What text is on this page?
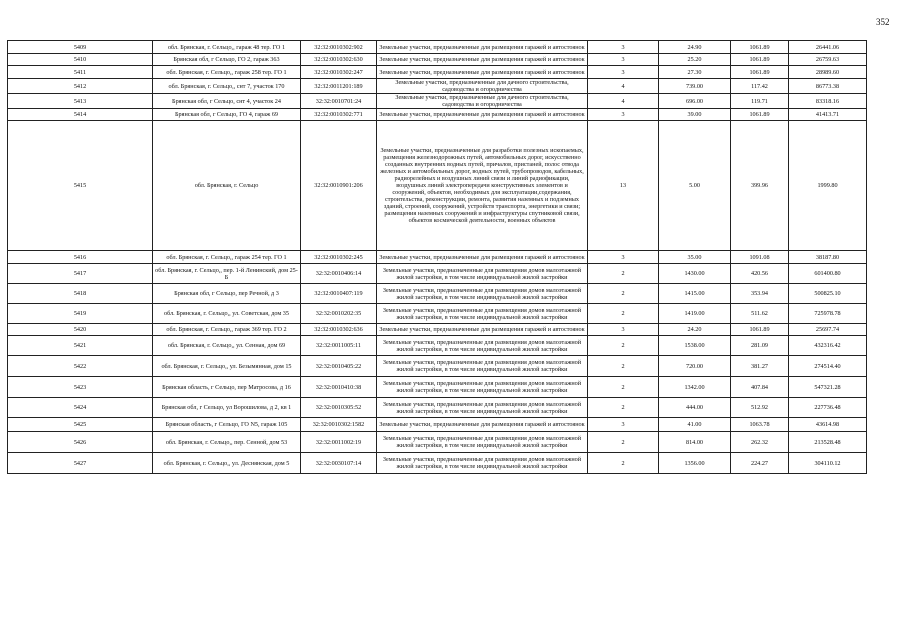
352
5409	обл. Брянская, г. Сельцо,, гараж 48 тер. ГО 1	32:32:0010302:902	Земельные участки, предназначенные для размещения гаражей и автостоянок	3	24.90	1061.89	26441.06
5410	Брянская обл, г Сельцо, ГО 2, гараж 363	32:32:0010302:630	Земельные участки, предназначенные для размещения гаражей и автостоянок	3	25.20	1061.89	26759.63
5411	обл. Брянская, г. Сельцо,, гараж 258 тер. ГО 1	32:32:0010302:247	Земельные участки, предназначенные для размещения гаражей и автостоянок	3	27.30	1061.89	28989.60
5412	обл. Брянская, г. Сельцо,, снт 7, участок 170	32:32:0011201:189	Земельные участки, предназначенные для дачного строительства, садоводства и огородничества	4	739.00	117.42	86773.38
5413	Брянская обл, г Сельцо, снт 4, участок 24	32:32:0010701:24	Земельные участки, предназначенные для дачного строительства, садоводства и огородничества	4	696.00	119.71	83318.16
5414	Брянская обл, г Сельцо, ГО 4, гараж 69	32:32:0010302:771	Земельные участки, предназначенные для размещения гаражей и автостоянок	3	39.00	1061.89	41413.71
5415	обл. Брянская, г. Сельцо	32:32:0010901:206	Земельные участки, предназначенные для разработки полезных ископаемых, размещения железнодорожных путей, автомобильных дорог, искусственно созданных внутренних водных путей, причалов, пристаней, полос отвода железных и автомобильных дорог, водных путей, трубопроводов, кабельных, радиорелейных и воздушных линий связи и линий радиофикации, воздушных линий электропередачи конструктивных элементов и сооружений, объектов, необходимых для эксплуатации,содержания, строительства, реконструкции, ремонта, развития наземных и подземных зданий, строений, сооружений, устройств транспорта, энергетики и связи; размещения наземных сооружений и инфраструктуры спутниковой связи, объектов космической деятельности, военных объектов	13	5.00	399.96	1999.80
5416	обл. Брянская, г. Сельцо,, гараж 254 тер. ГО 1	32:32:0010302:245	Земельные участки, предназначенные для размещения гаражей и автостоянок	3	35.00	1091.08	38187.80
5417	обл. Брянская, г. Сельцо,, пер. 1-й Ленинский, дом 25-Б	32:32:0010406:14	Земельные участки, предназначенные для размещения домов малоэтажной жилой застройки, в том числе индивидуальной жилой застройки	2	1430.00	420.56	601400.80
5418	Брянская обл, г Сельцо, пер Речной, д 3	32:32:0010407:119	Земельные участки, предназначенные для размещения домов малоэтажной жилой застройки, в том числе индивидуальной жилой застройки	2	1415.00	353.94	500825.10
5419	обл. Брянская, г. Сельцо,, ул. Советская, дом 35	32:32:0010202:35	Земельные участки, предназначенные для размещения домов малоэтажной жилой застройки, в том числе индивидуальной жилой застройки	2	1419.00	511.62	725978.78
5420	обл. Брянская, г. Сельцо,, гараж 369 тер. ГО 2	32:32:0010302:636	Земельные участки, предназначенные для размещения гаражей и автостоянок	3	24.20	1061.89	25697.74
5421	обл. Брянская, г. Сельцо,, ул. Сенная, дом 69	32:32:0011005:11	Земельные участки, предназначенные для размещения домов малоэтажной жилой застройки, в том числе индивидуальной жилой застройки	2	1538.00	281.09	432316.42
5422	обл. Брянская, г. Сельцо,, ул. Безымянная, дом 15	32:32:0010405:22	Земельные участки, предназначенные для размещения домов малоэтажной жилой застройки, в том числе индивидуальной жилой застройки	2	720.00	381.27	274514.40
5423	Брянская область, г Сельцо, пер Матросова, д 16	32:32:0010410:38	Земельные участки, предназначенные для размещения домов малоэтажной жилой застройки, в том числе индивидуальной жилой застройки	2	1342.00	407.84	547321.28
5424	Брянская обл, г Сельцо, ул Ворошилова, д 2, кв 1	32:32:0010305:52	Земельные участки, предназначенные для размещения домов малоэтажной жилой застройки, в том числе индивидуальной жилой застройки	2	444.00	512.92	227736.48
5425	Брянская область, г Сельцо, ГО N5, гараж 105	32:32:0010302:1582	Земельные участки, предназначенные для размещения гаражей и автостоянок	3	41.00	1063.78	43614.98
5426	обл. Брянская, г. Сельцо,, пер. Сенной, дом 53	32:32:0011002:19	Земельные участки, предназначенные для размещения домов малоэтажной жилой застройки, в том числе индивидуальной жилой застройки	2	814.00	262.32	213528.48
5427	обл. Брянская, г. Сельцо,, ул. Деснянская, дом 5	32:32:0030107:14	Земельные участки, предназначенные для размещения домов малоэтажной жилой застройки, в том числе индивидуальной жилой застройки	2	1356.00	224.27	304110.12
